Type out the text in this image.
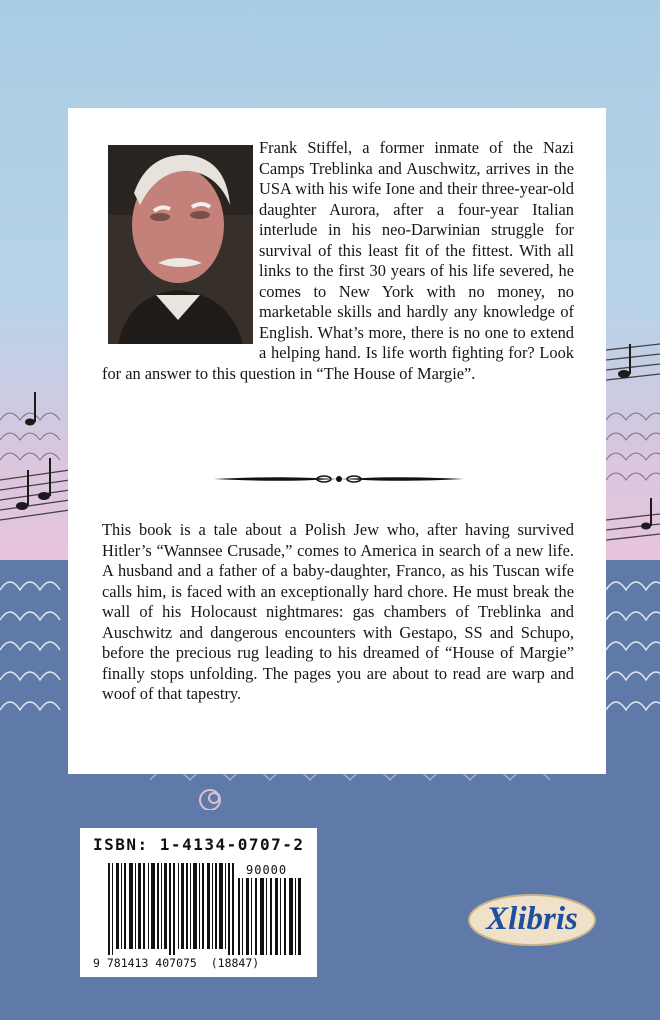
Frank Stiffel, a former inmate of the Nazi Camps Treblinka and Auschwitz, arrives in the USA with his wife Ione and their three-year-old daughter Aurora, after a four-year Italian interlude in his neo-Darwinian struggle for survival of this least fit of the fittest. With all links to the first 30 years of his life severed, he comes to New York with no money, no marketable skills and hardly any knowledge of English. What’s more, there is no one to extend a helping hand. Is life worth fighting for? Look for an answer to this question in “The House of Margie”.

This book is a tale about a Polish Jew who, after having survived Hitler’s “Wannsee Crusade,” comes to America in search of a new life. A husband and a father of a baby-daughter, Franco, as his Tuscan wife calls him, is faced with an exceptionally hard chore. He must break the wall of his Holocaust nightmares: gas chambers of Treblinka and Auschwitz and dangerous encounters with Gestapo, SS and Schupo, before the precious rug leading to his dreamed of “House of Margie” finally stops unfolding. The pages you are about to read are warp and woof of that tapestry.

ISBN: 1-4134-0707-2

90000

9 781413 407075 (18847)

Xlibris
